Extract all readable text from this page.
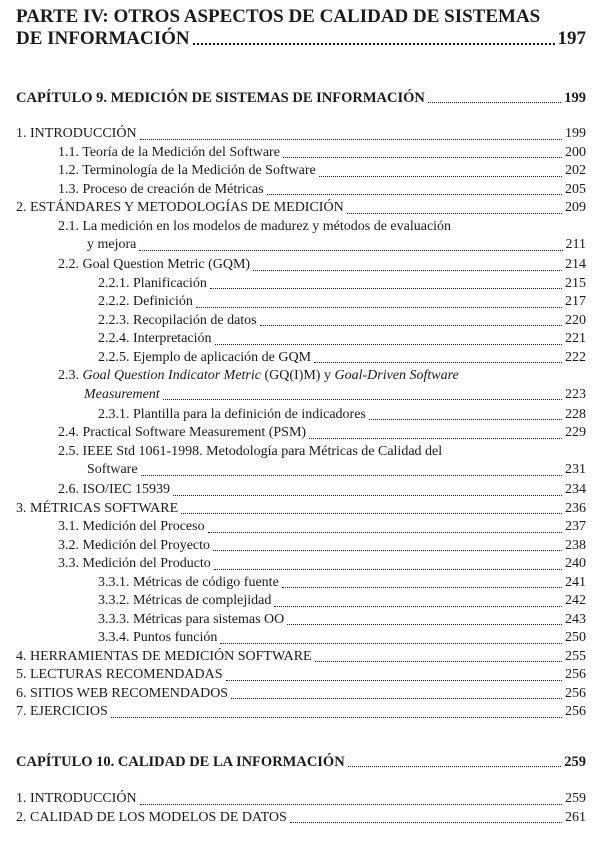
PARTE IV: OTROS ASPECTOS DE CALIDAD DE SISTEMAS
DE INFORMACIÓN	197
CAPÍTULO 9. MEDICIÓN DE SISTEMAS DE INFORMACIÓN	199
1. INTRODUCCIÓN	199
1.1. Teoría de la Medición del Software	200
1.2. Terminología de la Medición de Software	202
1.3. Proceso de creación de Métricas	205
2. ESTÁNDARES Y METODOLOGÍAS DE MEDICIÓN	209
2.1. La medición en los modelos de madurez y métodos de evaluación
y mejora	211
2.2. Goal Question Metric (GQM)	214
2.2.1. Planificación	215
2.2.2. Definición	217
2.2.3. Recopilación de datos	220
2.2.4. Interpretación	221
2.2.5. Ejemplo de aplicación de GQM	222
2.3. Goal Question Indicator Metric (GQ(I)M) y Goal-Driven Software
Measurement	223
2.3.1. Plantilla para la definición de indicadores	228
2.4. Practical Software Measurement (PSM)	229
2.5. IEEE Std 1061-1998. Metodología para Métricas de Calidad del
Software	231
2.6. ISO/IEC 15939	234
3. MÉTRICAS SOFTWARE	236
3.1. Medición del Proceso	237
3.2. Medición del Proyecto	238
3.3. Medición del Producto	240
3.3.1. Métricas de código fuente	241
3.3.2. Métricas de complejidad	242
3.3.3. Métricas para sistemas OO	243
3.3.4. Puntos función	250
4. HERRAMIENTAS DE MEDICIÓN SOFTWARE	255
5. LECTURAS RECOMENDADAS	256
6. SITIOS WEB RECOMENDADOS	256
7. EJERCICIOS	256
CAPÍTULO 10. CALIDAD DE LA INFORMACIÓN	259
1. INTRODUCCIÓN	259
2. CALIDAD DE LOS MODELOS DE DATOS	261
